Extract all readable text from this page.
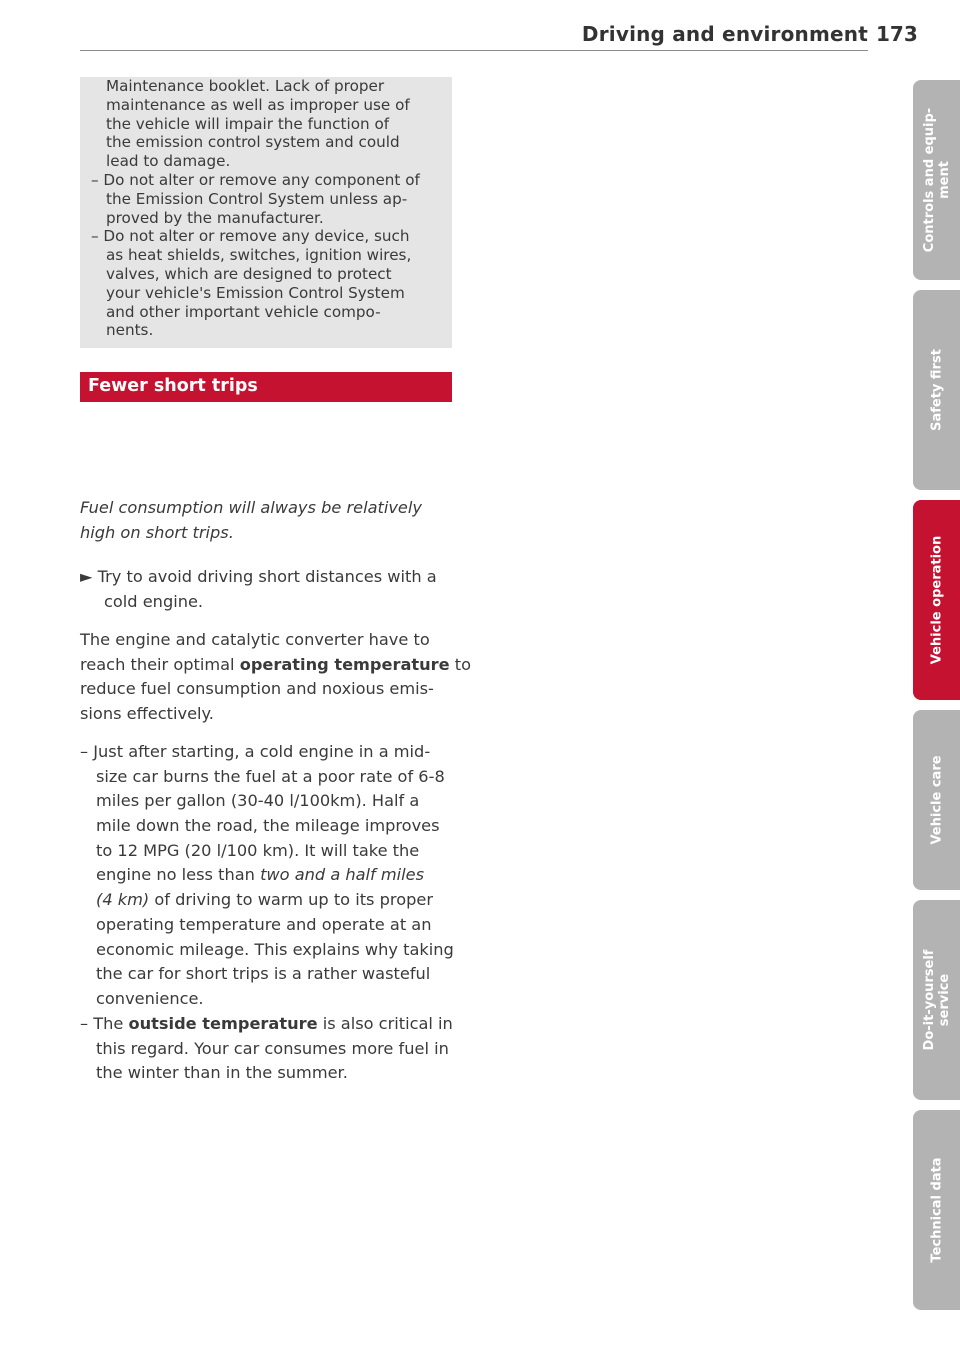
Driving and environment 173
Maintenance booklet. Lack of proper
maintenance as well as improper use of
the vehicle will impair the function of
the emission control system and could
lead to damage.
– Do not alter or remove any component of
the Emission Control System unless ap-
proved by the manufacturer.
– Do not alter or remove any device, such
as heat shields, switches, ignition wires,
valves, which are designed to protect
your vehicle's Emission Control System
and other important vehicle compo-
nents.
Fewer short trips
Fuel consumption will always be relatively
high on short trips.
► Try to avoid driving short distances with a
cold engine.
The engine and catalytic converter have to
reach their optimal operating temperature to
reduce fuel consumption and noxious emis-
sions effectively.
– Just after starting, a cold engine in a mid-
size car burns the fuel at a poor rate of 6-8
miles per gallon (30-40 l/100km). Half a
mile down the road, the mileage improves
to 12 MPG (20 l/100 km). It will take the
engine no less than two and a half miles
(4 km) of driving to warm up to its proper
operating temperature and operate at an
economic mileage. This explains why taking
the car for short trips is a rather wasteful
convenience.
– The outside temperature is also critical in
this regard. Your car consumes more fuel in
the winter than in the summer.
Controls and equip-
ment
Safety first
Vehicle operation
Vehicle care
Do-it-yourself
service
Technical data
